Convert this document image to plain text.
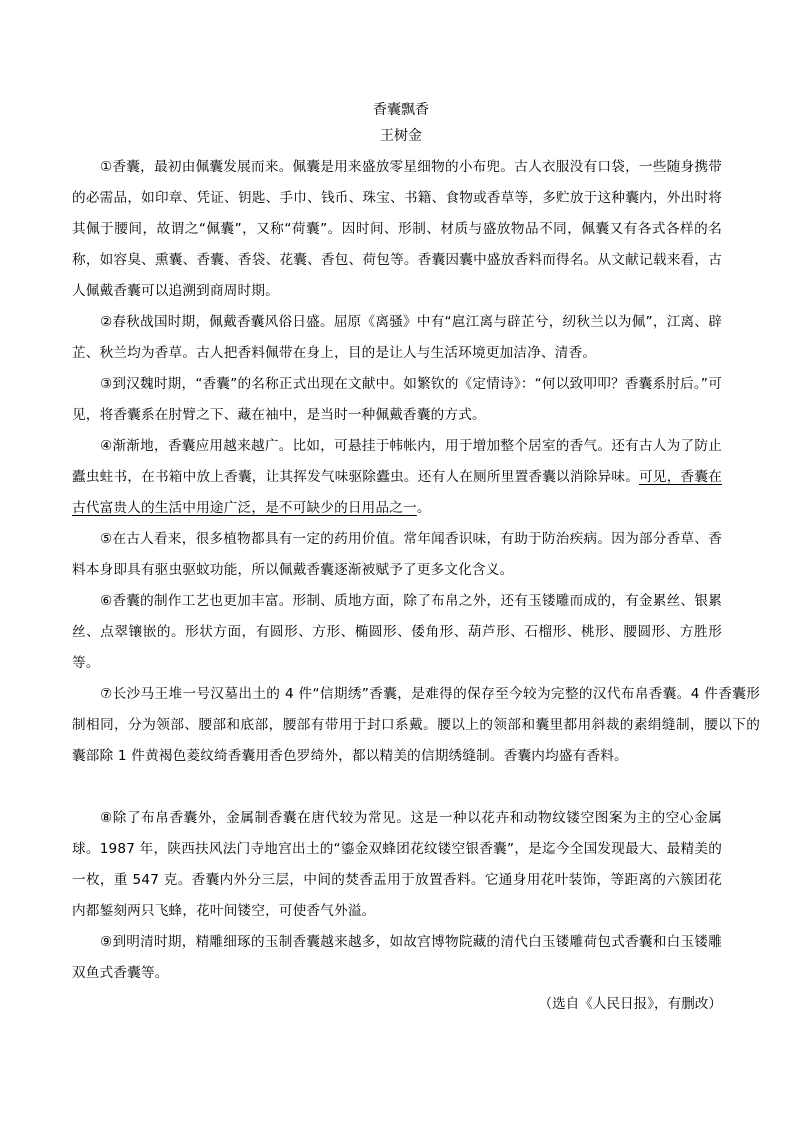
香囊飘香
王树金

①香囊，最初由佩囊发展而来。佩囊是用来盛放零星细物的小布兜。古人衣服没有口袋，一些随身携带的必需品，如印章、凭证、钥匙、手巾、钱币、珠宝、书籍、食物或香草等，多贮放于这种囊内，外出时将其佩于腰间，故谓之“佩囊”，又称“荷囊”。因时间、形制、材质与盛放物品不同，佩囊又有各式各样的名称，如容臭、熏囊、香囊、香袋、花囊、香包、荷包等。香囊因囊中盛放香料而得名。从文献记载来看，古人佩戴香囊可以追溯到商周时期。

②春秋战国时期，佩戴香囊风俗日盛。屈原《离骚》中有“扈江离与辟芷兮，纫秋兰以为佩”，江离、辟芷、秋兰均为香草。古人把香料佩带在身上，目的是让人与生活环境更加洁净、清香。

③到汉魏时期，“香囊”的名称正式出现在文献中。如繁钦的《定情诗》：“何以致叩叩？香囊系肘后。”可见，将香囊系在肘臂之下、藏在袖中，是当时一种佩戴香囊的方式。

④渐渐地，香囊应用越来越广。比如，可悬挂于帏帐内，用于增加整个居室的香气。还有古人为了防止蠹虫蛀书，在书箱中放上香囊，让其挥发气味驱除蠹虫。还有人在厕所里置香囊以消除异味。可见，香囊在古代富贵人的生活中用途广泛，是不可缺少的日用品之一。

⑤在古人看来，很多植物都具有一定的药用价值。常年闻香识味，有助于防治疾病。因为部分香草、香料本身即具有驱虫驱蚊功能，所以佩戴香囊逐渐被赋予了更多文化含义。

⑥香囊的制作工艺也更加丰富。形制、质地方面，除了布帛之外，还有玉镂雕而成的，有金累丝、银累丝、点翠镶嵌的。形状方面，有圆形、方形、椭圆形、倭角形、葫芦形、石榴形、桃形、腰圆形、方胜形等。

⑦长沙马王堆一号汉墓出土的 4 件“信期绣”香囊，是难得的保存至今较为完整的汉代布帛香囊。4 件香囊形制相同，分为领部、腰部和底部，腰部有带用于封口系戴。腰以上的领部和囊里都用斜裁的素绢缝制，腰以下的囊部除 1 件黄褐色菱纹绮香囊用香色罗绮外，都以精美的信期绣缝制。香囊内均盛有香料。

⑧除了布帛香囊外，金属制香囊在唐代较为常见。这是一种以花卉和动物纹镂空图案为主的空心金属球。1987 年，陕西扶风法门寺地宫出土的“鎏金双蜂团花纹镂空银香囊”，是迄今全国发现最大、最精美的一枚，重 547 克。香囊内外分三层，中间的焚香盂用于放置香料。它通身用花叶装饰，等距离的六簇团花内都錾刻两只飞蜂，花叶间镂空，可使香气外溢。

⑨到明清时期，精雕细琢的玉制香囊越来越多，如故宫博物院藏的清代白玉镂雕荷包式香囊和白玉镂雕双鱼式香囊等。

（选自《人民日报》，有删改）
